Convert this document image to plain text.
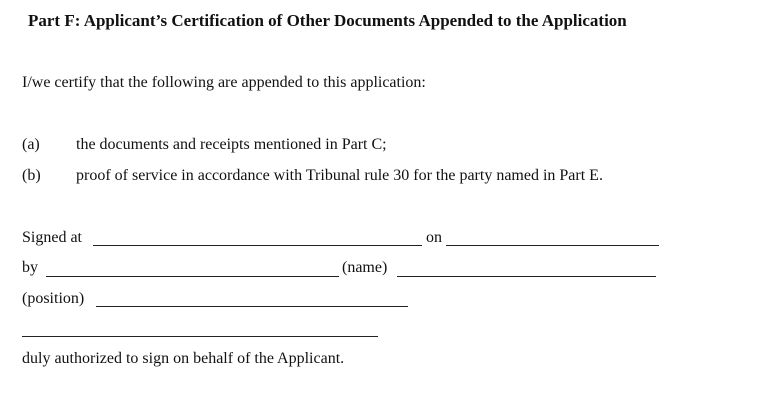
Part F: Applicant’s Certification of Other Documents Appended to the Application
I/we certify that the following are appended to this application:
(a) the documents and receipts mentioned in Part C;
(b) proof of service in accordance with Tribunal rule 30 for the party named in Part E.
Signed at	on
by	(name)
(position)
duly authorized to sign on behalf of the Applicant.
